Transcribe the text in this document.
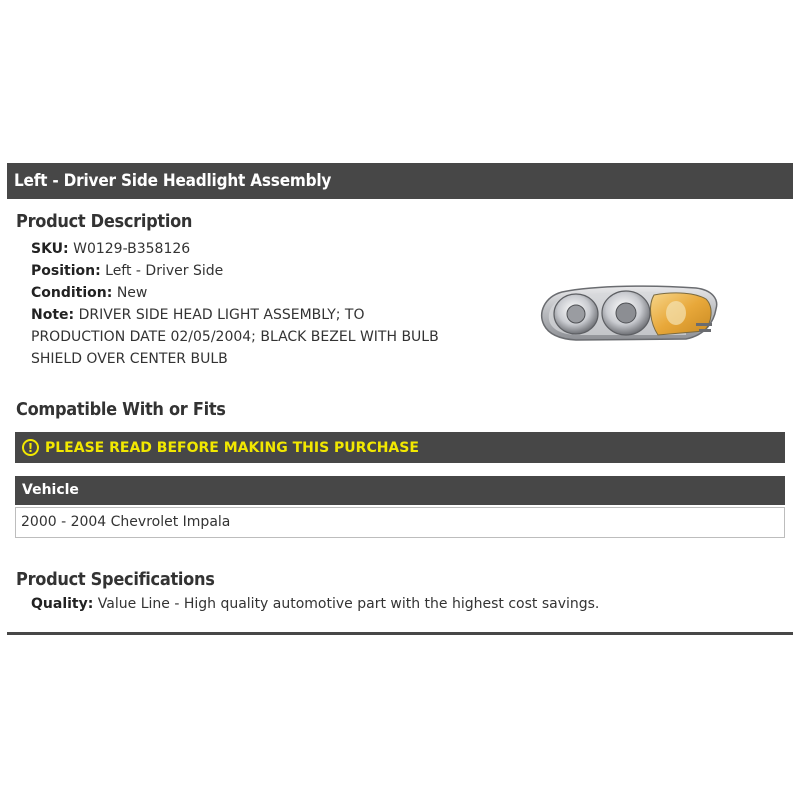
Left - Driver Side Headlight Assembly
Product Description
SKU: W0129-B358126
Position: Left - Driver Side
Condition: New
Note: DRIVER SIDE HEAD LIGHT ASSEMBLY; TO
PRODUCTION DATE 02/05/2004; BLACK BEZEL WITH BULB
SHIELD OVER CENTER BULB
Compatible With or Fits
! PLEASE READ BEFORE MAKING THIS PURCHASE
Vehicle
2000 - 2004 Chevrolet Impala
Product Specifications
Quality: Value Line - High quality automotive part with the highest cost savings.
